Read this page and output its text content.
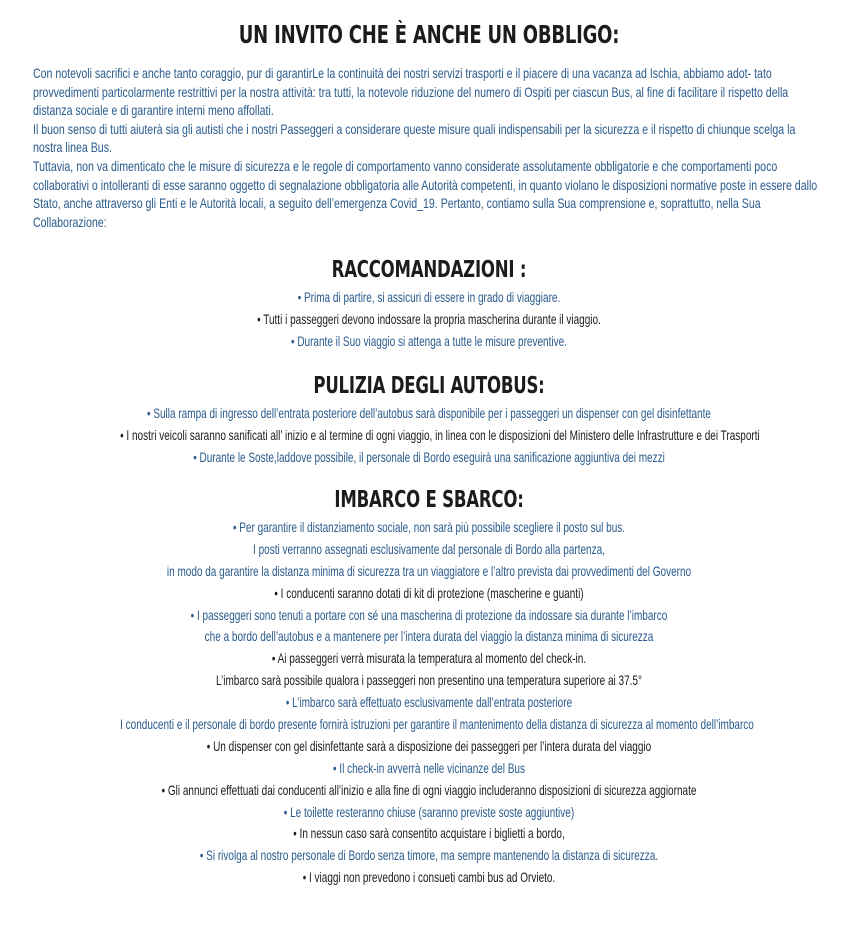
UN INVITO CHE È ANCHE UN OBBLIGO:

Con notevoli sacrifici e anche tanto coraggio, pur di garantirLe la continuità dei nostri servizi trasporti e il piacere di una vacanza ad Ischia, abbiamo adot- tato provvedimenti particolarmente restrittivi per la nostra attività: tra tutti, la notevole riduzione del numero di Ospiti per ciascun Bus, al fine di facilitare il rispetto della distanza sociale e di garantire interni meno affollati.

Il buon senso di tutti aiuterà sia gli autisti che i nostri Passeggeri a considerare queste misure quali indispensabili per la sicurezza e il rispetto di chiunque scelga la nostra linea Bus.

Tuttavia, non va dimenticato che le misure di sicurezza e le regole di comportamento vanno considerate assolutamente obbligatorie e che comportamenti poco collaborativi o intolleranti di esse saranno oggetto di segnalazione obbligatoria alle Autorità competenti, in quanto violano le disposizioni normative poste in essere dallo Stato, anche attraverso gli Enti e le Autorità locali, a seguito dell’emergenza Covid_19. Pertanto, contiamo sulla Sua comprensione e, soprattutto, nella Sua Collaborazione:

RACCOMANDAZIONI :
• Prima di partire, si assicuri di essere in grado di viaggiare.
• Tutti i passeggeri devono indossare la propria mascherina durante il viaggio.
• Durante il Suo viaggio si attenga a tutte le misure preventive.
PULIZIA DEGLI AUTOBUS:
• Sulla rampa di ingresso dell’entrata posteriore dell’autobus sarà disponibile per i passeggeri un dispenser con gel disinfettante
• I nostri veicoli saranno sanificati all’ inizio e al termine di ogni viaggio, in linea con le disposizioni del Ministero delle Infrastrutture e dei Trasporti
• Durante le Soste,laddove possibile, il personale di Bordo eseguirà una sanificazione aggiuntiva dei mezzi
IMBARCO E SBARCO:
• Per garantire il distanziamento sociale, non sarà più possibile scegliere il posto sul bus.
I posti verranno assegnati esclusivamente dal personale di Bordo alla partenza,
in modo da garantire la distanza minima di sicurezza tra un viaggiatore e l’altro prevista dai provvedimenti del Governo
• I conducenti saranno dotati di kit di protezione (mascherine e guanti)
• I passeggeri sono tenuti a portare con sé una mascherina di protezione da indossare sia durante l’imbarco
che a bordo dell’autobus e a mantenere per l’intera durata del viaggio la distanza minima di sicurezza
• Ai passeggeri verrà misurata la temperatura al momento del check-in.
L’imbarco sarà possibile qualora i passeggeri non presentino una temperatura superiore ai 37.5°
• L’imbarco sarà effettuato esclusivamente dall’entrata posteriore
I conducenti e il personale di bordo presente fornirà istruzioni per garantire il mantenimento della distanza di sicurezza al momento dell’imbarco
• Un dispenser con gel disinfettante sarà a disposizione dei passeggeri per l’intera durata del viaggio
• Il check-in avverrà nelle vicinanze del Bus
• Gli annunci effettuati dai conducenti all’inizio e alla fine di ogni viaggio includeranno disposizioni di sicurezza aggiornate
• Le toilette resteranno chiuse (saranno previste soste aggiuntive)
• In nessun caso sarà consentito acquistare i biglietti a bordo,
• Si rivolga al nostro personale di Bordo senza timore, ma sempre mantenendo la distanza di sicurezza.
• I viaggi non prevedono i consueti cambi bus ad Orvieto.
